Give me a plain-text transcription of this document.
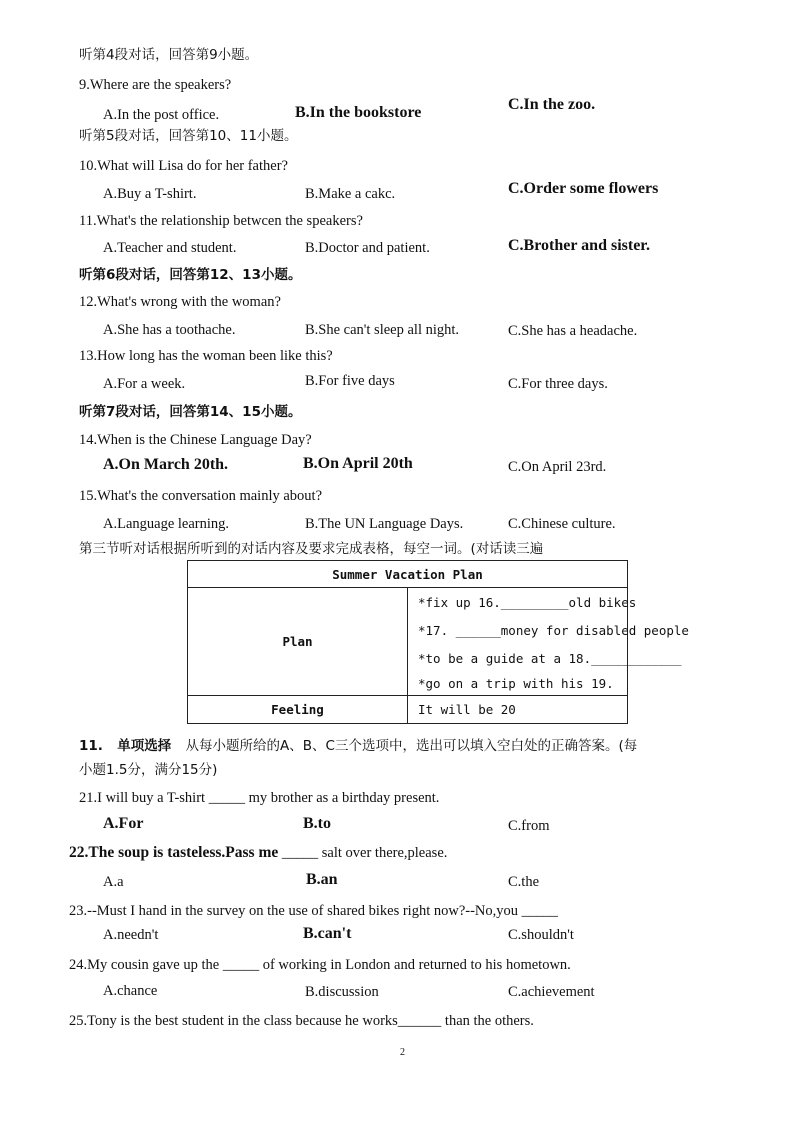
听第4段对话，回答第9小题。
9.Where are the speakers?
A.In the post office.	B.In the bookstore	C.In the zoo.
听第5段对话，回答第10、11小题。
10.What will Lisa do for her father?
A.Buy a T-shirt.	B.Make a cakc.	C.Order some flowers
11.What's the relationship betwcen the speakers?
A.Teacher and student.	B.Doctor and patient.	C.Brother and sister.
听第6段对话，回答第12、13小题。
12.What's wrong with the woman?
A.She has a toothache.	B.She can't sleep all night.	C.She has a headache.
13.How long has the woman been like this?
A.For a week.	B.For five days	C.For three days.
听第7段对话，回答第14、15小题。
14.When is the Chinese Language Day?
A.On March 20th.	B.On April 20th	C.On April 23rd.
15.What's the conversation mainly about?
A.Language learning.	B.The UN Language Days.	C.Chinese culture.
第三节听对话根据所听到的对话内容及要求完成表格，每空一词。(对话读三遍
Summer Vacation Plan	
Plan	*fix up 16._________old bikes
*17. ______money for disabled people
*to be a guide at a 18.____________
*go on a trip with his 19.

Feeling	It will be 20
11. 单项选择 从每小题所给的A、B、C三个选项中，选出可以填入空白处的正确答案。(每
小题1.5分，满分15分)
21.I will buy a T-shirt _____ my brother as a birthday present.
A.For	B.to	C.from
22.The soup is tasteless.Pass me _____ salt over there,please.
A.a	B.an	C.the
23.--Must I hand in the survey on the use of shared bikes right now?--No,you _____
A.needn't	B.can't	C.shouldn't
24.My cousin gave up the _____ of working in London and returned to his hometown.
A.chance	B.discussion	C.achievement
25.Tony is the best student in the class because he works______ than the others.
2
